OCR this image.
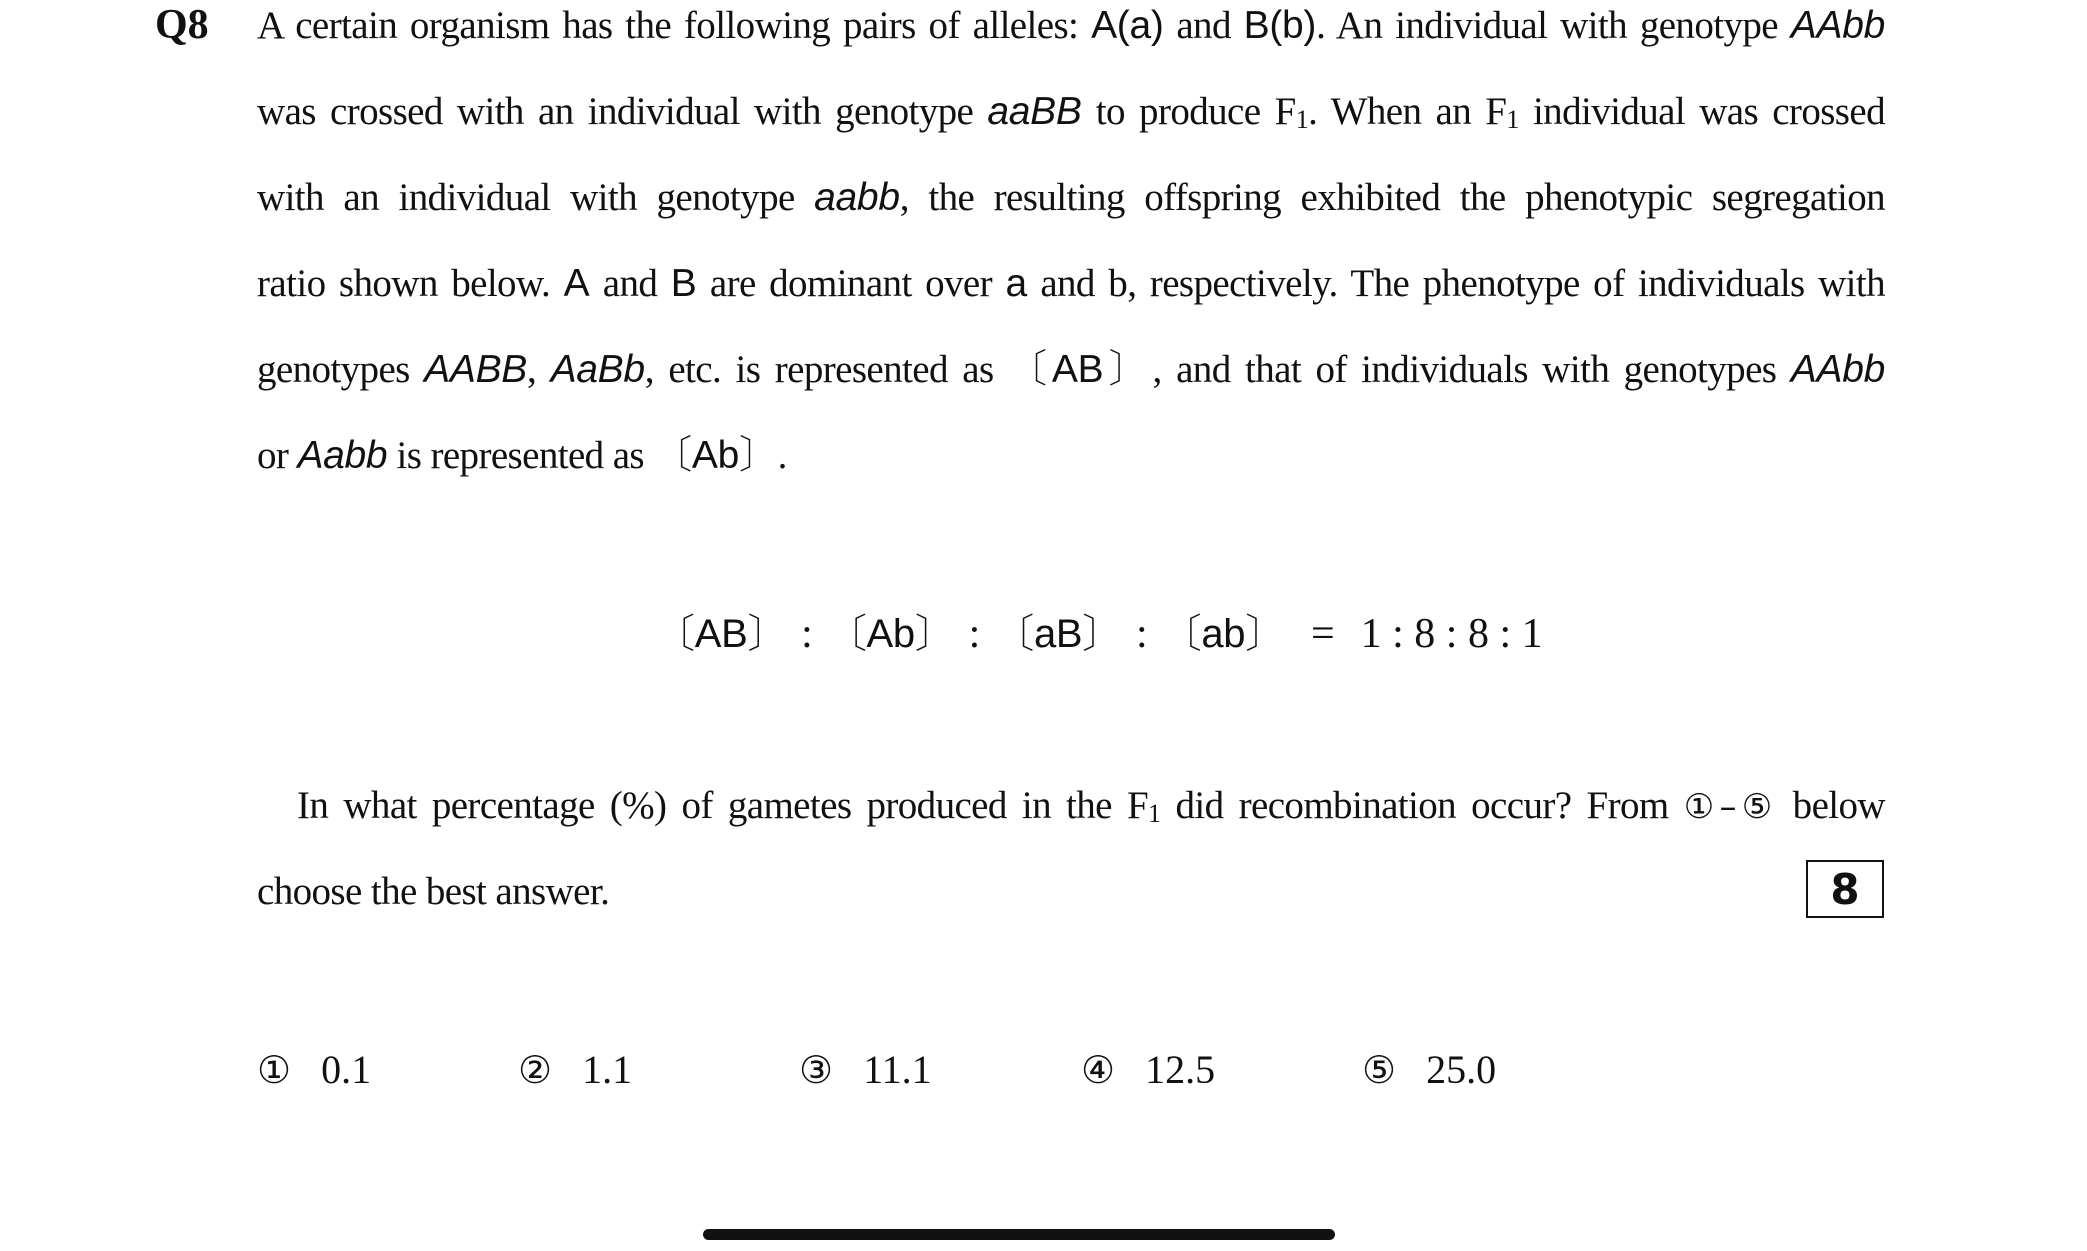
Q8 A certain organism has the following pairs of alleles: A(a) and B(b). An individual with genotype AAbb
was crossed with an individual with genotype aaBB to produce F1. When an F1 individual was crossed
with an individual with genotype aabb, the resulting offspring exhibited the phenotypic segregation
ratio shown below. A and B are dominant over a and b, respectively. The phenotype of individuals with
genotypes AABB, AaBb, etc. is represented as 〔AB〕, and that of individuals with genotypes AAbb
or Aabb is represented as 〔Ab〕.
〔AB〕 : 〔Ab〕 : 〔aB〕 : 〔ab〕 = 1 : 8 : 8 : 1
In what percentage (%) of gametes produced in the F1 did recombination occur? From ①–⑤ below
choose the best answer.	8
① 0.1	② 1.1	③ 11.1	④ 12.5	⑤ 25.0
